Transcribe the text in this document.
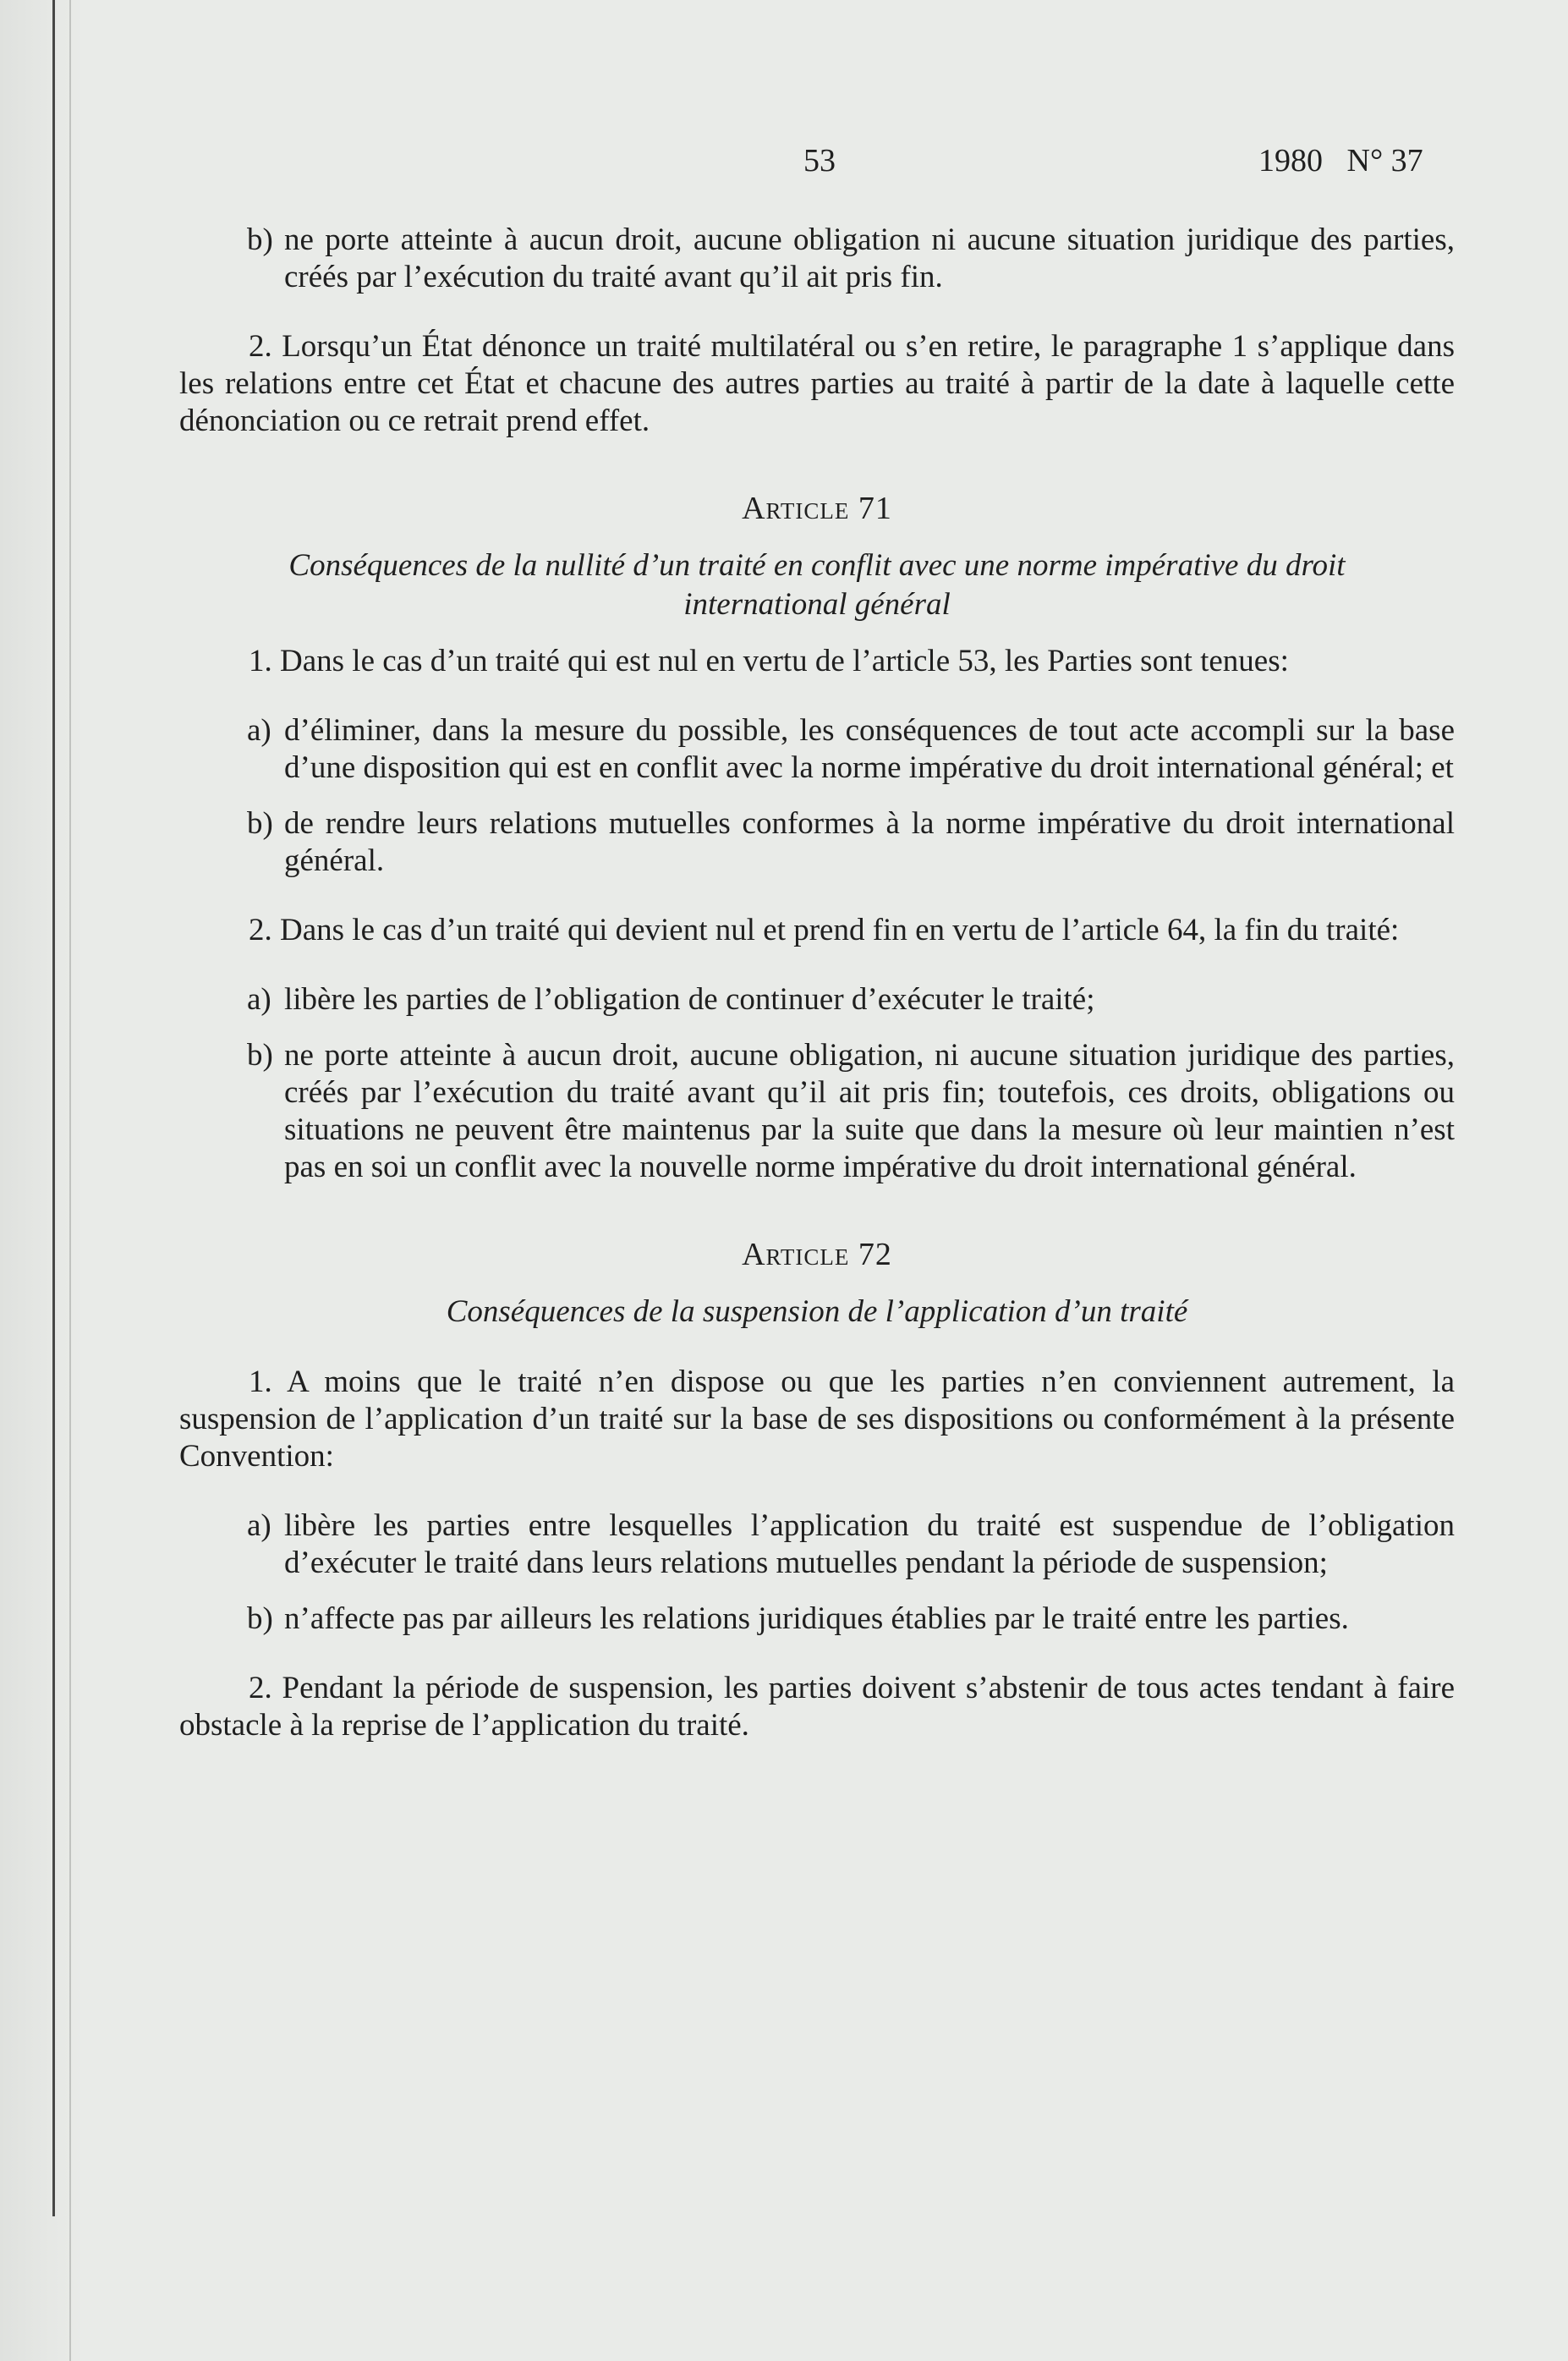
53	1980   N° 37
b) ne porte atteinte à aucun droit, aucune obligation ni aucune situation juridique des parties, créés par l’exécution du traité avant qu’il ait pris fin.

2. Lorsqu’un État dénonce un traité multilatéral ou s’en retire, le paragraphe 1 s’applique dans les relations entre cet État et chacune des autres parties au traité à partir de la date à laquelle cette dénonciation ou ce retrait prend effet.

Article 71
Conséquences de la nullité d’un traité en conflit avec une norme impérative du droit international général

1. Dans le cas d’un traité qui est nul en vertu de l’article 53, les Parties sont tenues:

a) d’éliminer, dans la mesure du possible, les conséquences de tout acte accompli sur la base d’une disposition qui est en conflit avec la norme impérative du droit international général; et
b) de rendre leurs relations mutuelles conformes à la norme impérative du droit international général.

2. Dans le cas d’un traité qui devient nul et prend fin en vertu de l’article 64, la fin du traité:

a) libère les parties de l’obligation de continuer d’exécuter le traité;
b) ne porte atteinte à aucun droit, aucune obligation, ni aucune situation juridique des parties, créés par l’exécution du traité avant qu’il ait pris fin; toutefois, ces droits, obligations ou situations ne peuvent être maintenus par la suite que dans la mesure où leur maintien n’est pas en soi un conflit avec la nouvelle norme impérative du droit international général.
Article 72
Conséquences de la suspension de l’application d’un traité

1. A moins que le traité n’en dispose ou que les parties n’en conviennent autrement, la suspension de l’application d’un traité sur la base de ses dispositions ou conformément à la présente Convention:

a) libère les parties entre lesquelles l’application du traité est suspendue de l’obligation d’exécuter le traité dans leurs relations mutuelles pendant la période de suspension;
b) n’affecte pas par ailleurs les relations juridiques établies par le traité entre les parties.

2. Pendant la période de suspension, les parties doivent s’abstenir de tous actes tendant à faire obstacle à la reprise de l’application du traité.
